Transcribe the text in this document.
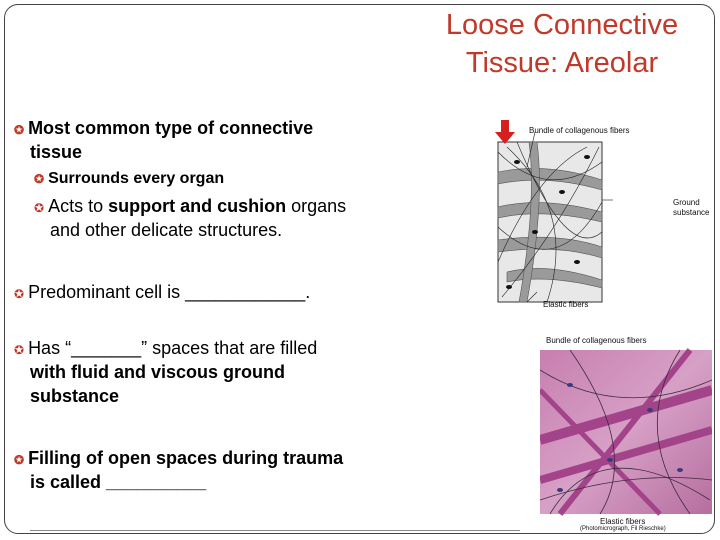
Loose Connective
Tissue: Areolar
✪ Most common type of connective
tissue
✪ Surrounds every organ
✪ Acts to support and cushion organs
and other delicate structures.
✪ Predominant cell is ____________.
✪ Has “_______” spaces that are filled
with fluid and viscous ground
substance
✪ Filling of open spaces during trauma
is called __________
Bundle of collagenous fibers
Ground
substance
Elastic fibers
Bundle of collagenous fibers
Elastic fibers
(Photomicrograph, Fil Rieschke)
